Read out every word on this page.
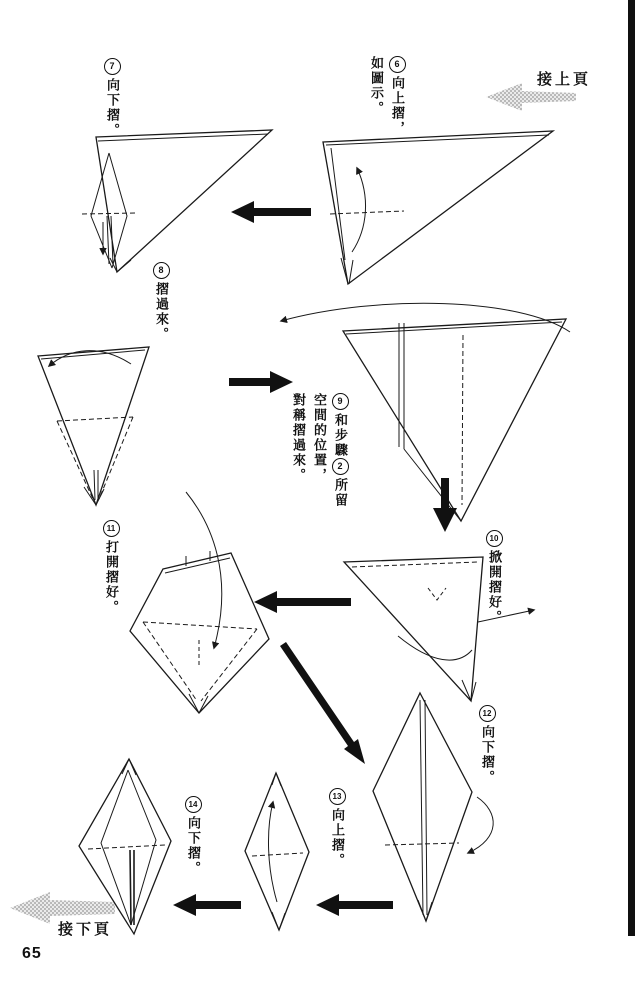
接上頁
接下頁
65
6向上摺，
如圖示。
7向下摺。
8摺過來。
9和步驟2所留
空間的位置，
對稱摺過來。
10掀開摺好。
11打開摺好。
12向下摺。
13向上摺。
14向下摺。
